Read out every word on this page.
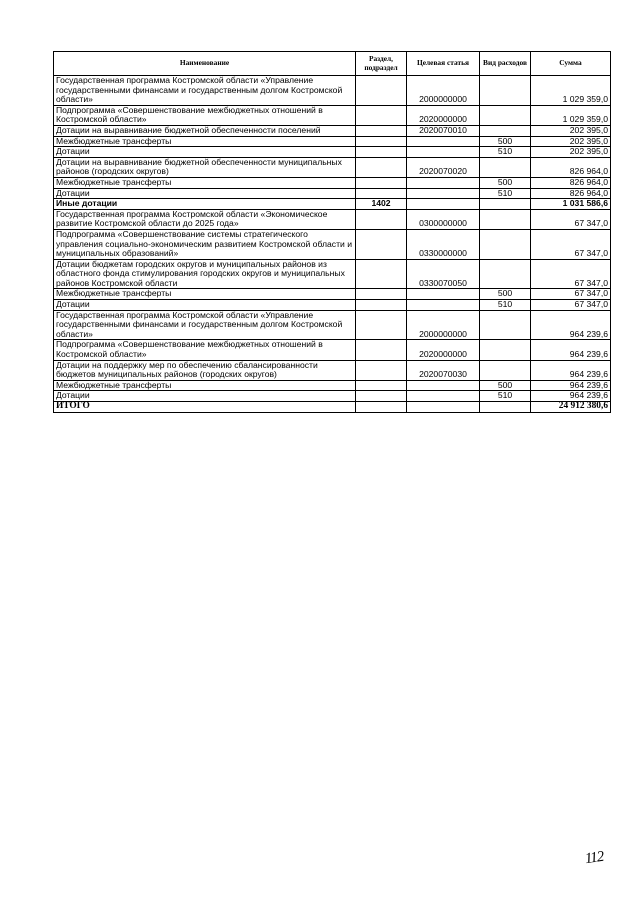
Наименование	Раздел, подраздел	Целевая статья	Вид расходов	Сумма
Государственная программа Костромской области «Управление государственными финансами и государственным долгом Костромской области»		2000000000		1 029 359,0
Подпрограмма «Совершенствование межбюджетных отношений в Костромской области»		2020000000		1 029 359,0
Дотации на выравнивание бюджетной обеспеченности поселений		2020070010		202 395,0
Межбюджетные трансферты			500	202 395,0
Дотации			510	202 395,0
Дотации на выравнивание бюджетной обеспеченности муниципальных районов (городских округов)		2020070020		826 964,0
Межбюджетные трансферты			500	826 964,0
Дотации			510	826 964,0
Иные дотации	1402			1 031 586,6
Государственная программа Костромской области «Экономическое развитие Костромской области до 2025 года»		0300000000		67 347,0
Подпрограмма «Совершенствование системы стратегического управления социально-экономическим развитием Костромской области и муниципальных образований»		0330000000		67 347,0
Дотации бюджетам городских округов и муниципальных районов из областного фонда стимулирования городских округов и муниципальных районов Костромской области		0330070050		67 347,0
Межбюджетные трансферты			500	67 347,0
Дотации			510	67 347,0
Государственная программа Костромской области «Управление государственными финансами и государственным долгом Костромской области»		2000000000		964 239,6
Подпрограмма «Совершенствование межбюджетных отношений в Костромской области»		2020000000		964 239,6
Дотации на поддержку мер по обеспечению сбалансированности бюджетов муниципальных районов (городских округов)		2020070030		964 239,6
Межбюджетные трансферты			500	964 239,6
Дотации			510	964 239,6
ИТОГО				24 912 380,6
112
